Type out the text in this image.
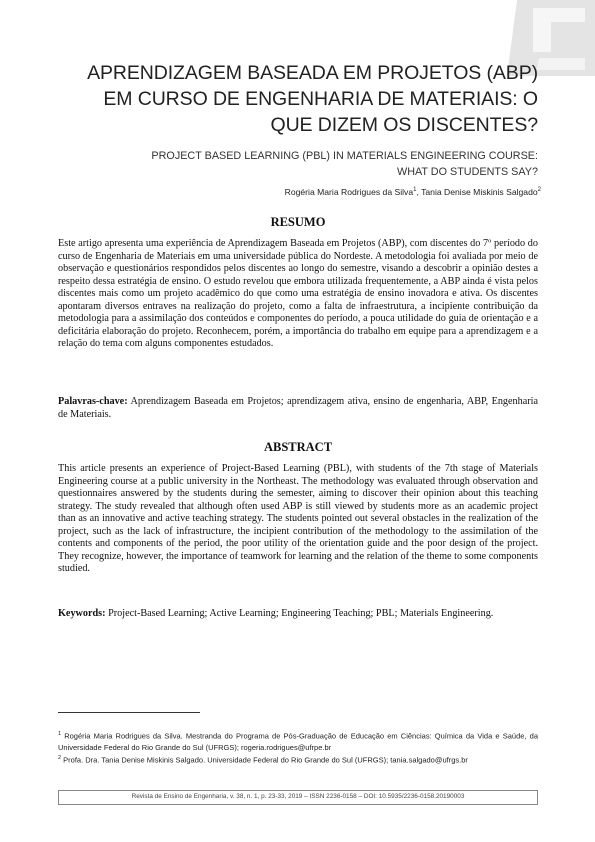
APRENDIZAGEM BASEADA EM PROJETOS (ABP) EM CURSO DE ENGENHARIA DE MATERIAIS: O QUE DIZEM OS DISCENTES?
PROJECT BASED LEARNING (PBL) IN MATERIALS ENGINEERING COURSE: WHAT DO STUDENTS SAY?
Rogéria Maria Rodrigues da Silva$^1$, Tania Denise Miskinis Salgado$^2$
RESUMO
Este artigo apresenta uma experiência de Aprendizagem Baseada em Projetos (ABP), com discentes do 7º período do curso de Engenharia de Materiais em uma universidade pública do Nordeste. A metodologia foi avaliada por meio de observação e questionários respondidos pelos discentes ao longo do semestre, visando a descobrir a opinião destes a respeito dessa estratégia de ensino. O estudo revelou que embora utilizada frequentemente, a ABP ainda é vista pelos discentes mais como um projeto acadêmico do que como uma estratégia de ensino inovadora e ativa. Os discentes apontaram diversos entraves na realização do projeto, como a falta de infraestrutura, a incipiente contribuição da metodologia para a assimilação dos conteúdos e componentes do período, a pouca utilidade do guia de orientação e a deficitária elaboração do projeto. Reconhecem, porém, a importância do trabalho em equipe para a aprendizagem e a relação do tema com alguns componentes estudados.
Palavras-chave: Aprendizagem Baseada em Projetos; aprendizagem ativa, ensino de engenharia, ABP, Engenharia de Materiais.
ABSTRACT
This article presents an experience of Project-Based Learning (PBL), with students of the 7th stage of Materials Engineering course at a public university in the Northeast. The methodology was evaluated through observation and questionnaires answered by the students during the semester, aiming to discover their opinion about this teaching strategy. The study revealed that although often used ABP is still viewed by students more as an academic project than as an innovative and active teaching strategy. The students pointed out several obstacles in the realization of the project, such as the lack of infrastructure, the incipient contribution of the methodology to the assimilation of the contents and components of the period, the poor utility of the orientation guide and the poor design of the project. They recognize, however, the importance of teamwork for learning and the relation of the theme to some components studied.
Keywords: Project-Based Learning; Active Learning; Engineering Teaching; PBL; Materials Engineering.

$^1$ Rogéria Maria Rodrigues da Silva. Mestranda do Programa de Pós-Graduação de Educação em Ciências: Química da Vida e Saúde, da Universidade Federal do Rio Grande do Sul (UFRGS); rogeria.rodrigues@ufrpe.br

$^2$ Profa. Dra. Tania Denise Miskinis Salgado. Universidade Federal do Rio Grande do Sul (UFRGS); tania.salgado@ufrgs.br

Revista de Ensino de Engenharia, v. 38, n. 1, p. 23-33, 2019 – ISSN 2236-0158 – DOI: 10.5935/2236-0158.20190003
